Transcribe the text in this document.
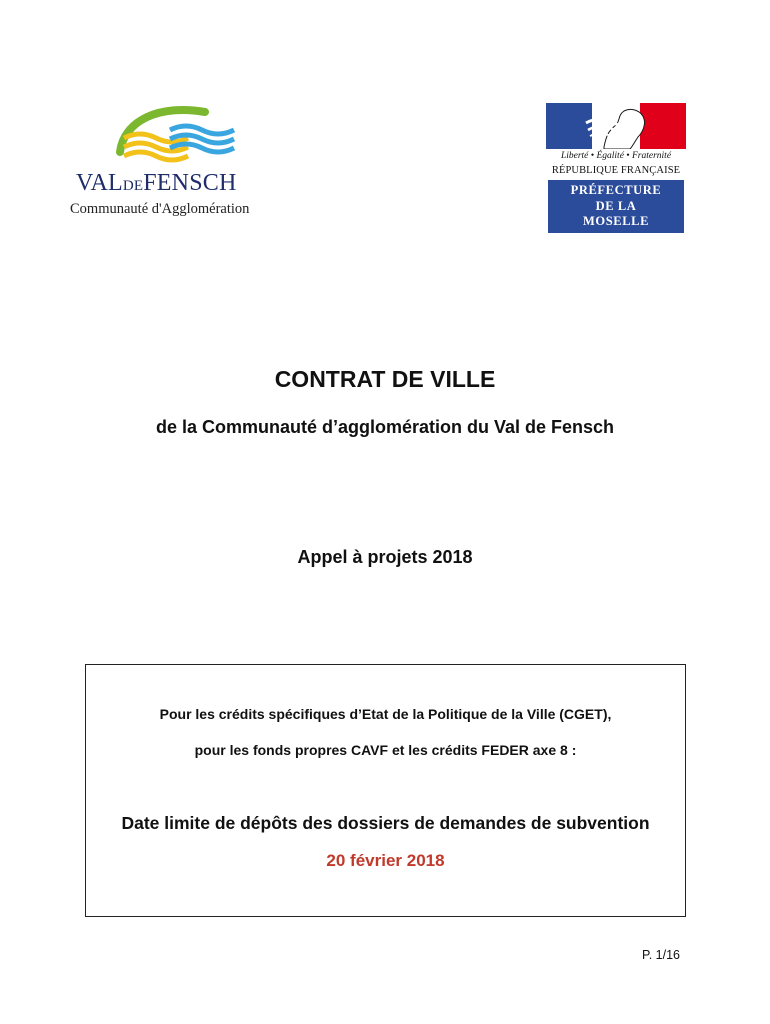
VALDEFENSCH
Communauté d'Agglomération
Liberté • Égalité • Fraternité
RÉPUBLIQUE FRANÇAISE
PRÉFECTURE
DE LA
MOSELLE
CONTRAT DE VILLE
de la Communauté d’agglomération du Val de Fensch
Appel à projets 2018
Pour les crédits spécifiques d’Etat de la Politique de la Ville (CGET),
pour les fonds propres CAVF et les crédits FEDER axe 8 :
Date limite de dépôts des dossiers de demandes de subvention
20 février 2018
P. 1/16
